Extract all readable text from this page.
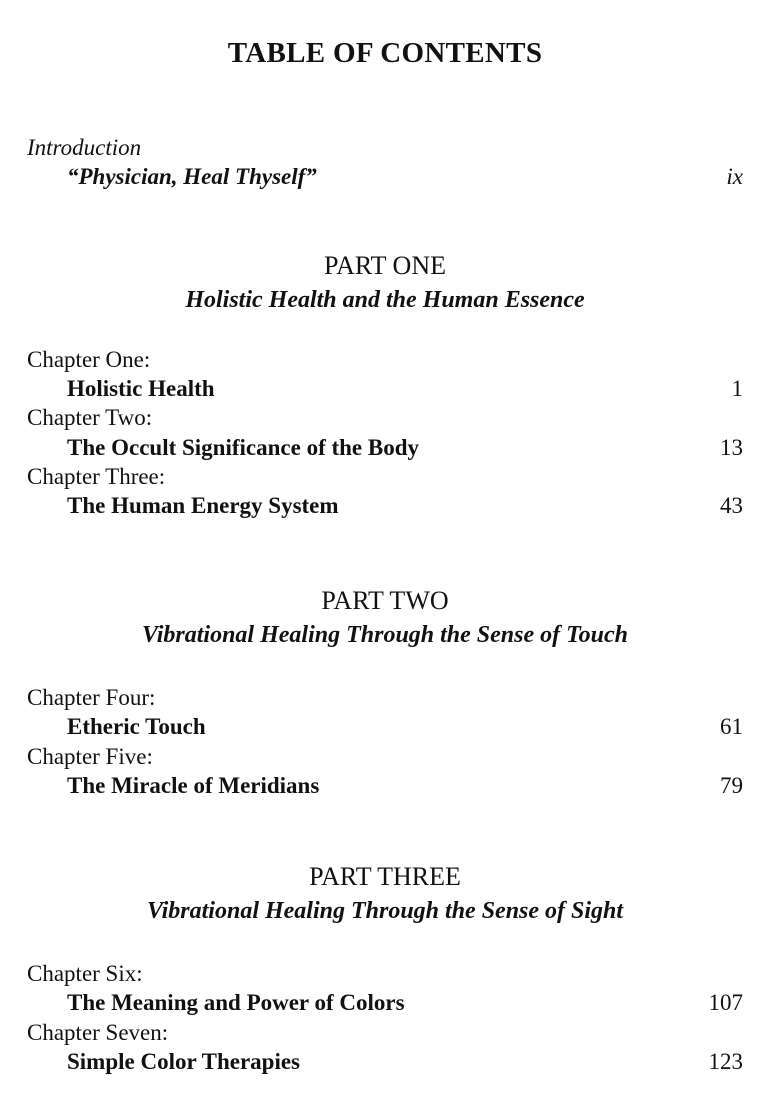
TABLE OF CONTENTS
Introduction
“Physician, Heal Thyself”	ix
PART ONE
Holistic Health and the Human Essence
Chapter One:
Holistic Health	1
Chapter Two:
The Occult Significance of the Body	13
Chapter Three:
The Human Energy System	43
PART TWO
Vibrational Healing Through the Sense of Touch
Chapter Four:
Etheric Touch	61
Chapter Five:
The Miracle of Meridians	79
PART THREE
Vibrational Healing Through the Sense of Sight
Chapter Six:
The Meaning and Power of Colors	107
Chapter Seven:
Simple Color Therapies	123
